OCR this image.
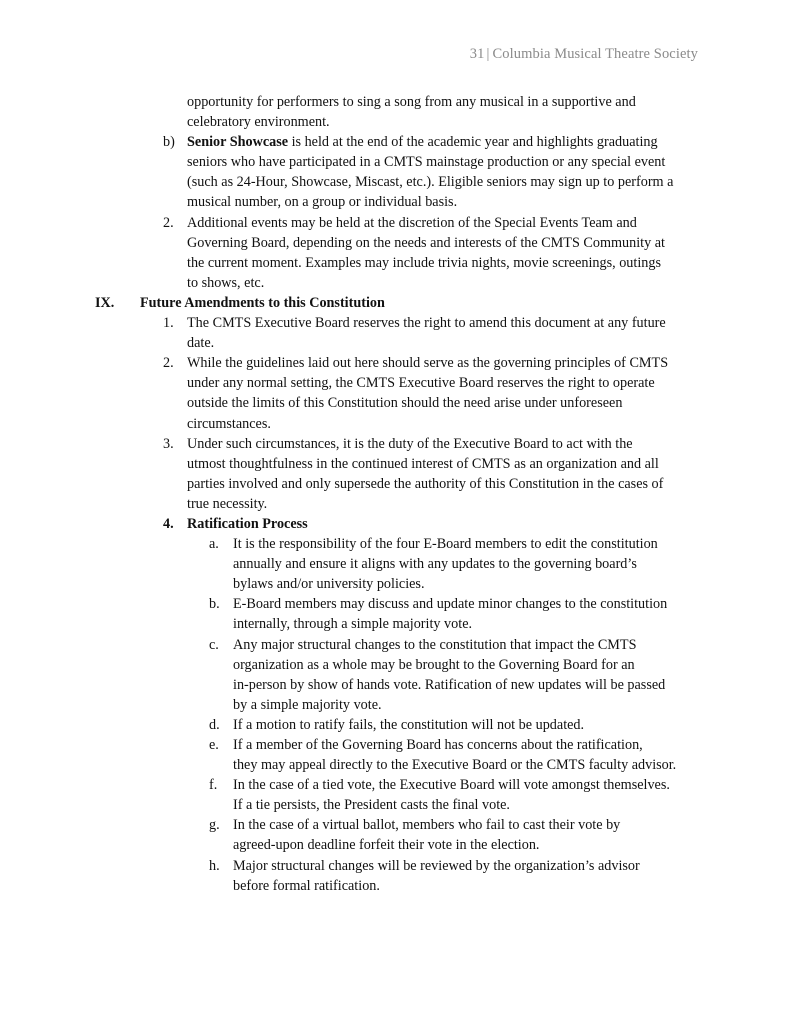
31 | Columbia Musical Theatre Society
opportunity for performers to sing a song from any musical in a supportive and
celebratory environment.
b) Senior Showcase is held at the end of the academic year and highlights graduating
seniors who have participated in a CMTS mainstage production or any special event
(such as 24-Hour, Showcase, Miscast, etc.). Eligible seniors may sign up to perform a
musical number, on a group or individual basis.
2. Additional events may be held at the discretion of the Special Events Team and
Governing Board, depending on the needs and interests of the CMTS Community at
the current moment. Examples may include trivia nights, movie screenings, outings
to shows, etc.
IX. Future Amendments to this Constitution
1. The CMTS Executive Board reserves the right to amend this document at any future
date.
2. While the guidelines laid out here should serve as the governing principles of CMTS
under any normal setting, the CMTS Executive Board reserves the right to operate
outside the limits of this Constitution should the need arise under unforeseen
circumstances.
3. Under such circumstances, it is the duty of the Executive Board to act with the
utmost thoughtfulness in the continued interest of CMTS as an organization and all
parties involved and only supersede the authority of this Constitution in the cases of
true necessity.
4. Ratification Process
a. It is the responsibility of the four E-Board members to edit the constitution
annually and ensure it aligns with any updates to the governing board’s
bylaws and/or university policies.
b. E-Board members may discuss and update minor changes to the constitution
internally, through a simple majority vote.
c. Any major structural changes to the constitution that impact the CMTS
organization as a whole may be brought to the Governing Board for an
in-person by show of hands vote. Ratification of new updates will be passed
by a simple majority vote.
d. If a motion to ratify fails, the constitution will not be updated.
e. If a member of the Governing Board has concerns about the ratification,
they may appeal directly to the Executive Board or the CMTS faculty advisor.
f. In the case of a tied vote, the Executive Board will vote amongst themselves.
If a tie persists, the President casts the final vote.
g. In the case of a virtual ballot, members who fail to cast their vote by
agreed-upon deadline forfeit their vote in the election.
h. Major structural changes will be reviewed by the organization’s advisor
before formal ratification.
